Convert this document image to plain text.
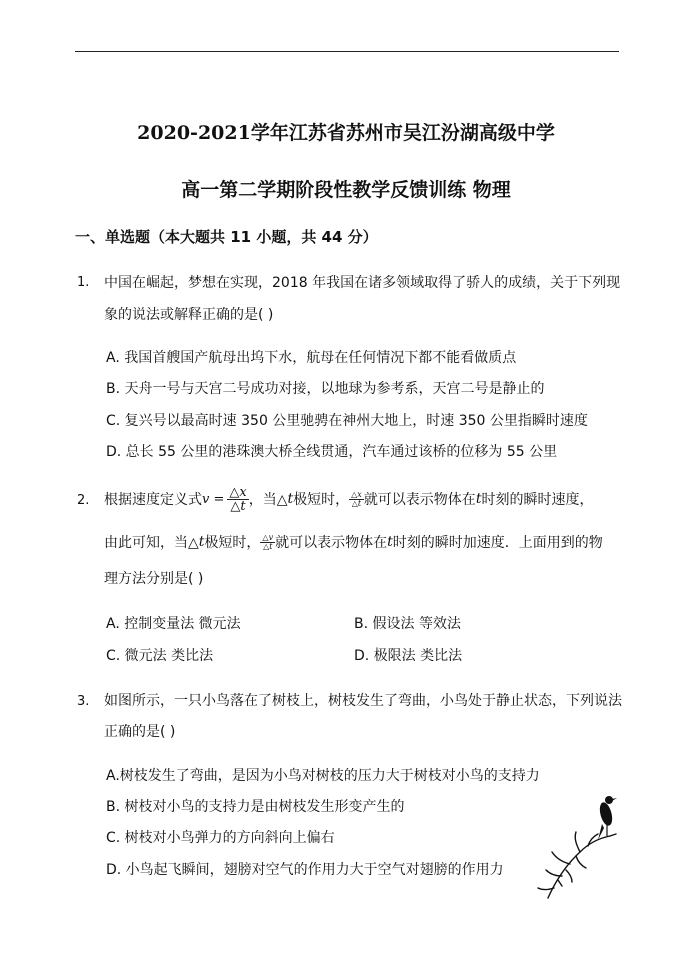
2020-2021学年江苏省苏州市吴江汾湖高级中学
高一第二学期阶段性教学反馈训练 物理
一、单选题（本大题共 11 小题，共 44 分）
1. 中国在崛起，梦想在实现，2018 年我国在诸多领域取得了骄人的成绩，关于下列现
象的说法或解释正确的是( )
A. 我国首艘国产航母出坞下水，航母在任何情况下都不能看做质点
B. 天舟一号与天宫二号成功对接，以地球为参考系，天宫二号是静止的
C. 复兴号以最高时速 350 公里驰骋在神州大地上，时速 350 公里指瞬时速度
D. 总长 55 公里的港珠澳大桥全线贯通，汽车通过该桥的位移为 55 公里
2. 根据速度定义式 $v = \frac{\triangle x}{\triangle t}$ ，当△ t 极短时， $\frac{\triangle x}{\triangle t}$ 就可以表示物体在 t 时刻的瞬时速度，
由此可知，当△ t 极短时， $\frac{\triangle v}{\triangle t}$ 就可以表示物体在 t 时刻的瞬时加速度．上面用到的物
理方法分别是( )
A. 控制变量法 微元法	B. 假设法 等效法
C. 微元法 类比法	D. 极限法 类比法
3. 如图所示，一只小鸟落在了树枝上，树枝发生了弯曲，小鸟处于静止状态，下列说法
正确的是( )
A.树枝发生了弯曲，是因为小鸟对树枝的压力大于树枝对小鸟的支持力
B. 树枝对小鸟的支持力是由树枝发生形变产生的
C. 树枝对小鸟弹力的方向斜向上偏右
D. 小鸟起飞瞬间，翅膀对空气的作用力大于空气对翅膀的作用力
